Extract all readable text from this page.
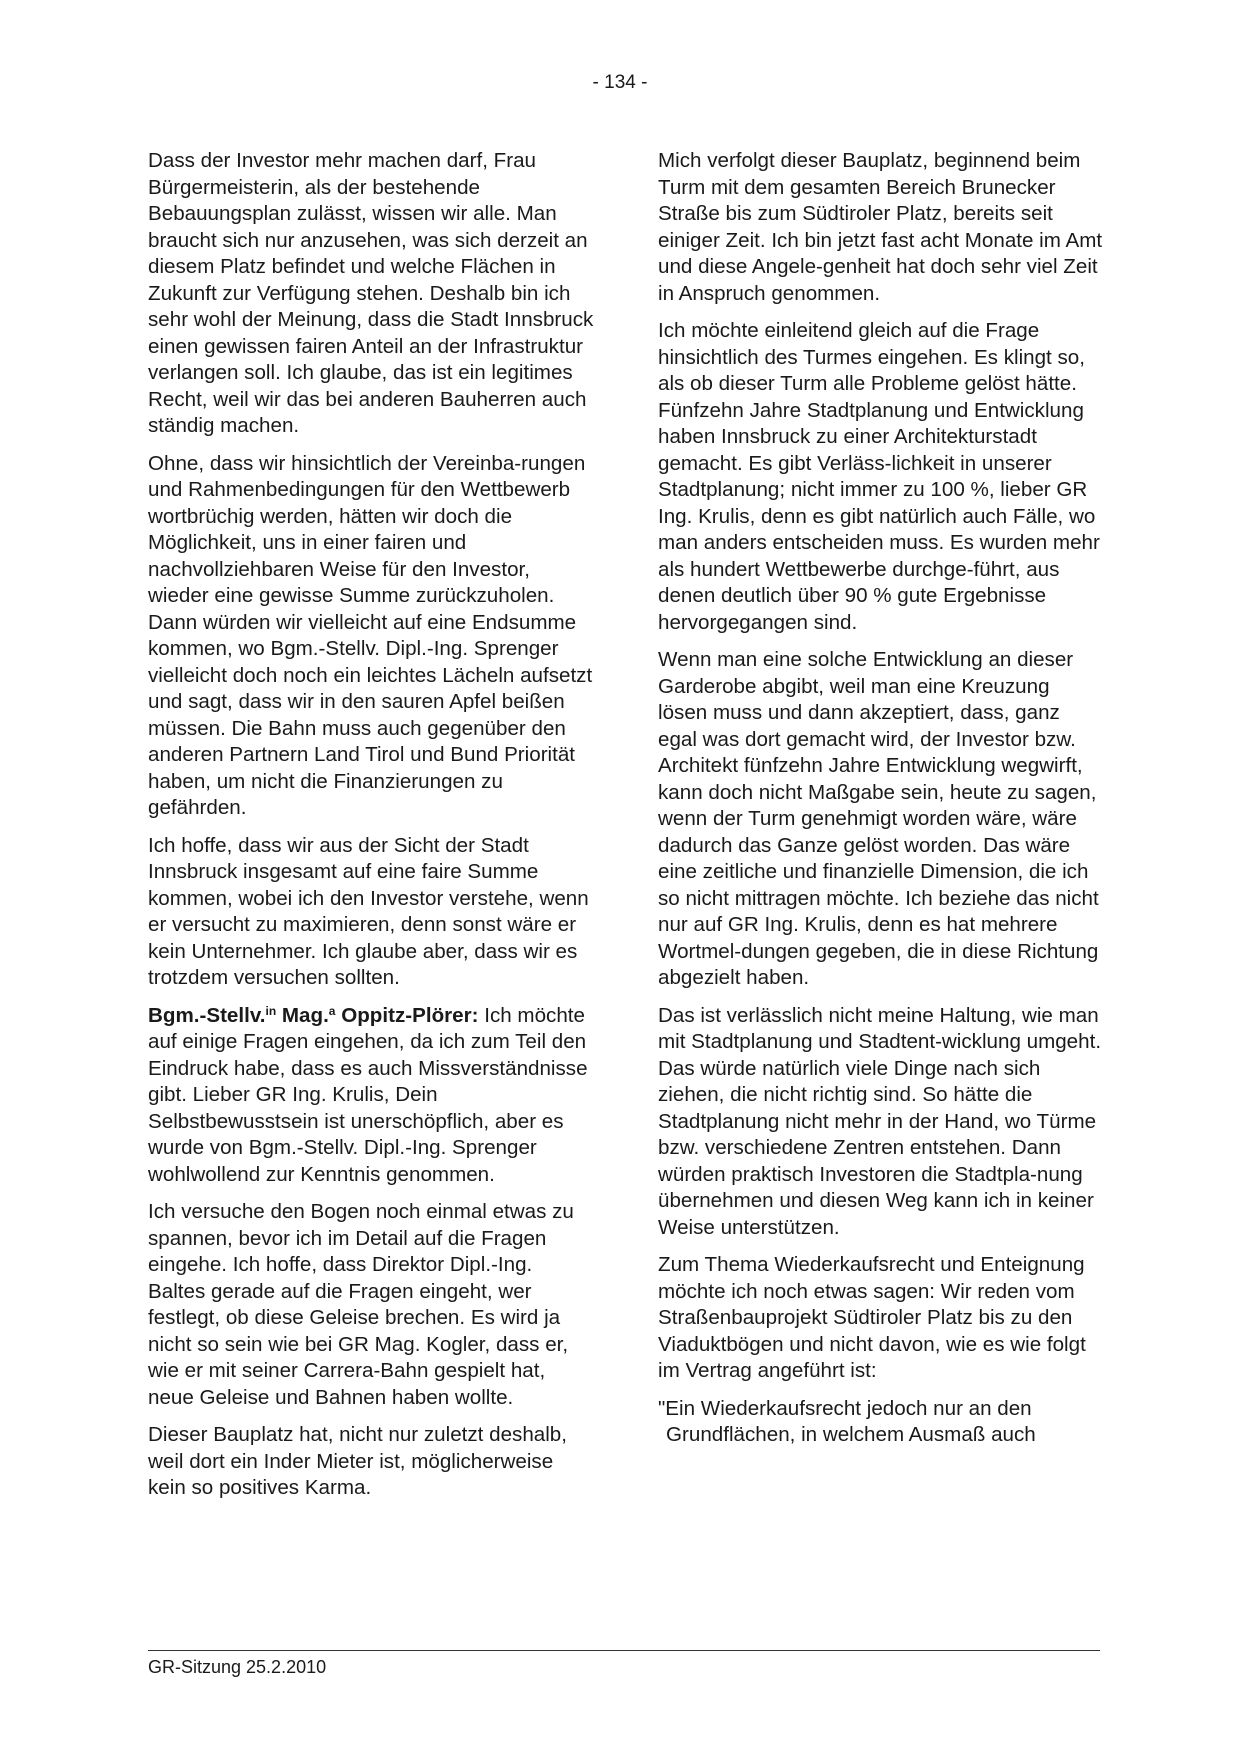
- 134 -

Dass der Investor mehr machen darf, Frau Bürgermeisterin, als der bestehende Bebauungsplan zulässt, wissen wir alle. Man braucht sich nur anzusehen, was sich derzeit an diesem Platz befindet und welche Flächen in Zukunft zur Verfügung stehen. Deshalb bin ich sehr wohl der Meinung, dass die Stadt Innsbruck einen gewissen fairen Anteil an der Infrastruktur verlangen soll. Ich glaube, das ist ein legitimes Recht, weil wir das bei anderen Bauherren auch ständig machen.

Ohne, dass wir hinsichtlich der Vereinba-rungen und Rahmenbedingungen für den Wettbewerb wortbrüchig werden, hätten wir doch die Möglichkeit, uns in einer fairen und nachvollziehbaren Weise für den Investor, wieder eine gewisse Summe zurückzuholen. Dann würden wir vielleicht auf eine Endsumme kommen, wo Bgm.-Stellv. Dipl.-Ing. Sprenger vielleicht doch noch ein leichtes Lächeln aufsetzt und sagt, dass wir in den sauren Apfel beißen müssen. Die Bahn muss auch gegenüber den anderen Partnern Land Tirol und Bund Priorität haben, um nicht die Finanzierungen zu gefährden.

Ich hoffe, dass wir aus der Sicht der Stadt Innsbruck insgesamt auf eine faire Summe kommen, wobei ich den Investor verstehe, wenn er versucht zu maximieren, denn sonst wäre er kein Unternehmer. Ich glaube aber, dass wir es trotzdem versuchen sollten.

Bgm.-Stellv.$^{in}$ Mag.$^a$ Oppitz-Plörer: Ich möchte auf einige Fragen eingehen, da ich zum Teil den Eindruck habe, dass es auch Missverständnisse gibt. Lieber GR Ing. Krulis, Dein Selbstbewusstsein ist unerschöpflich, aber es wurde von Bgm.-Stellv. Dipl.-Ing. Sprenger wohlwollend zur Kenntnis genommen.

Ich versuche den Bogen noch einmal etwas zu spannen, bevor ich im Detail auf die Fragen eingehe. Ich hoffe, dass Direktor Dipl.-Ing. Baltes gerade auf die Fragen eingeht, wer festlegt, ob diese Geleise brechen. Es wird ja nicht so sein wie bei GR Mag. Kogler, dass er, wie er mit seiner Carrera-Bahn gespielt hat, neue Geleise und Bahnen haben wollte.

Dieser Bauplatz hat, nicht nur zuletzt deshalb, weil dort ein Inder Mieter ist, möglicherweise kein so positives Karma.

Mich verfolgt dieser Bauplatz, beginnend beim Turm mit dem gesamten Bereich Brunecker Straße bis zum Südtiroler Platz, bereits seit einiger Zeit. Ich bin jetzt fast acht Monate im Amt und diese Angele-genheit hat doch sehr viel Zeit in Anspruch genommen.

Ich möchte einleitend gleich auf die Frage hinsichtlich des Turmes eingehen. Es klingt so, als ob dieser Turm alle Probleme gelöst hätte. Fünfzehn Jahre Stadtplanung und Entwicklung haben Innsbruck zu einer Architekturstadt gemacht. Es gibt Verläss-lichkeit in unserer Stadtplanung; nicht immer zu 100 %, lieber GR Ing. Krulis, denn es gibt natürlich auch Fälle, wo man anders entscheiden muss. Es wurden mehr als hundert Wettbewerbe durchge-führt, aus denen deutlich über 90 % gute Ergebnisse hervorgegangen sind.

Wenn man eine solche Entwicklung an dieser Garderobe abgibt, weil man eine Kreuzung lösen muss und dann akzeptiert, dass, ganz egal was dort gemacht wird, der Investor bzw. Architekt fünfzehn Jahre Entwicklung wegwirft, kann doch nicht Maßgabe sein, heute zu sagen, wenn der Turm genehmigt worden wäre, wäre dadurch das Ganze gelöst worden. Das wäre eine zeitliche und finanzielle Dimension, die ich so nicht mittragen möchte. Ich beziehe das nicht nur auf GR Ing. Krulis, denn es hat mehrere Wortmel-dungen gegeben, die in diese Richtung abgezielt haben.

Das ist verlässlich nicht meine Haltung, wie man mit Stadtplanung und Stadtent-wicklung umgeht. Das würde natürlich viele Dinge nach sich ziehen, die nicht richtig sind. So hätte die Stadtplanung nicht mehr in der Hand, wo Türme bzw. verschiedene Zentren entstehen. Dann würden praktisch Investoren die Stadtpla-nung übernehmen und diesen Weg kann ich in keiner Weise unterstützen.

Zum Thema Wiederkaufsrecht und Enteignung möchte ich noch etwas sagen: Wir reden vom Straßenbauprojekt Südtiroler Platz bis zu den Viaduktbögen und nicht davon, wie es wie folgt im Vertrag angeführt ist:

"Ein Wiederkaufsrecht jedoch nur an den
Grundflächen, in welchem Ausmaß auch

GR-Sitzung 25.2.2010
